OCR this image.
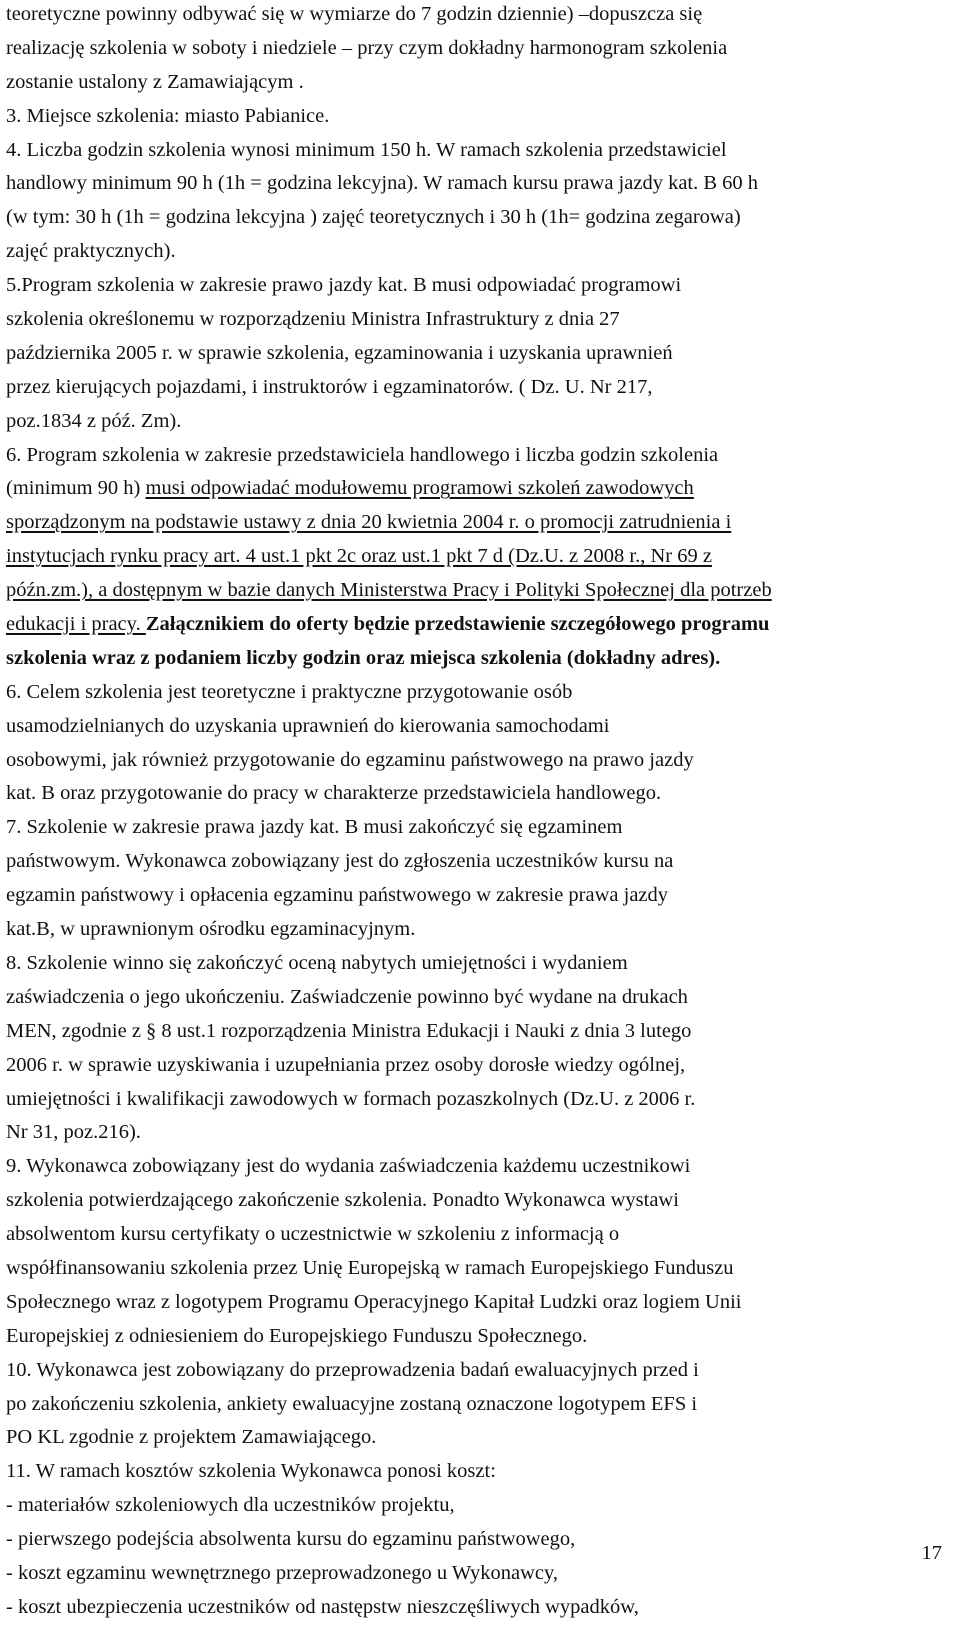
teoretyczne powinny odbywać się w wymiarze do 7 godzin dziennie) –dopuszcza się
realizację szkolenia w soboty i niedziele – przy czym dokładny harmonogram szkolenia
zostanie ustalony z Zamawiającym .
3. Miejsce szkolenia: miasto Pabianice.
4. Liczba godzin szkolenia wynosi minimum 150 h. W ramach szkolenia przedstawiciel
handlowy minimum 90 h (1h = godzina lekcyjna). W ramach kursu prawa jazdy kat. B 60 h
(w tym: 30 h (1h = godzina lekcyjna ) zajęć teoretycznych i 30 h (1h= godzina zegarowa)
zajęć praktycznych).
5.Program szkolenia w zakresie prawo jazdy kat. B musi odpowiadać programowi
szkolenia określonemu w rozporządzeniu Ministra Infrastruktury z dnia 27
października 2005 r. w sprawie szkolenia, egzaminowania i uzyskania uprawnień
przez kierujących pojazdami, i instruktorów i egzaminatorów. ( Dz. U. Nr 217,
poz.1834 z póź. Zm).
6. Program szkolenia w zakresie przedstawiciela handlowego i liczba godzin szkolenia
(minimum 90 h) musi odpowiadać modułowemu programowi szkoleń zawodowych
sporządzonym na podstawie ustawy z dnia 20 kwietnia 2004 r. o promocji zatrudnienia i
instytucjach rynku pracy art. 4 ust.1 pkt 2c oraz ust.1 pkt 7 d (Dz.U. z 2008 r., Nr 69 z
późn.zm.), a dostępnym w bazie danych Ministerstwa Pracy i Polityki Społecznej dla potrzeb
edukacji i pracy. Załącznikiem do oferty będzie przedstawienie szczegółowego programu
szkolenia wraz z podaniem liczby godzin oraz miejsca szkolenia (dokładny adres).
6. Celem szkolenia jest teoretyczne i praktyczne przygotowanie osób
usamodzielnianych do uzyskania uprawnień do kierowania samochodami
osobowymi, jak również przygotowanie do egzaminu państwowego na prawo jazdy
kat. B oraz przygotowanie do pracy w charakterze przedstawiciela handlowego.
7. Szkolenie w zakresie prawa jazdy kat. B musi zakończyć się egzaminem
państwowym. Wykonawca zobowiązany jest do zgłoszenia uczestników kursu na
egzamin państwowy i opłacenia egzaminu państwowego w zakresie prawa jazdy
kat.B, w uprawnionym ośrodku egzaminacyjnym.
8. Szkolenie winno się zakończyć oceną nabytych umiejętności i wydaniem
zaświadczenia o jego ukończeniu. Zaświadczenie powinno być wydane na drukach
MEN, zgodnie z § 8 ust.1 rozporządzenia Ministra Edukacji i Nauki z dnia 3 lutego
2006 r. w sprawie uzyskiwania i uzupełniania przez osoby dorosłe wiedzy ogólnej,
umiejętności i kwalifikacji zawodowych w formach pozaszkolnych (Dz.U. z 2006 r.
Nr 31, poz.216).
9. Wykonawca zobowiązany jest do wydania zaświadczenia każdemu uczestnikowi
szkolenia potwierdzającego zakończenie szkolenia. Ponadto Wykonawca wystawi
absolwentom kursu certyfikaty o uczestnictwie w szkoleniu z informacją o
współfinansowaniu szkolenia przez Unię Europejską w ramach Europejskiego Funduszu
Społecznego wraz z logotypem Programu Operacyjnego Kapitał Ludzki oraz logiem Unii
Europejskiej z odniesieniem do Europejskiego Funduszu Społecznego.
10. Wykonawca jest zobowiązany do przeprowadzenia badań ewaluacyjnych przed i
po zakończeniu szkolenia, ankiety ewaluacyjne zostaną oznaczone logotypem EFS i
PO KL zgodnie z projektem Zamawiającego.
11. W ramach kosztów szkolenia Wykonawca ponosi koszt:
- materiałów szkoleniowych dla uczestników projektu,
- pierwszego podejścia absolwenta kursu do egzaminu państwowego,
- koszt egzaminu wewnętrznego przeprowadzonego u Wykonawcy,
- koszt ubezpieczenia uczestników od następstw nieszczęśliwych wypadków,
17
